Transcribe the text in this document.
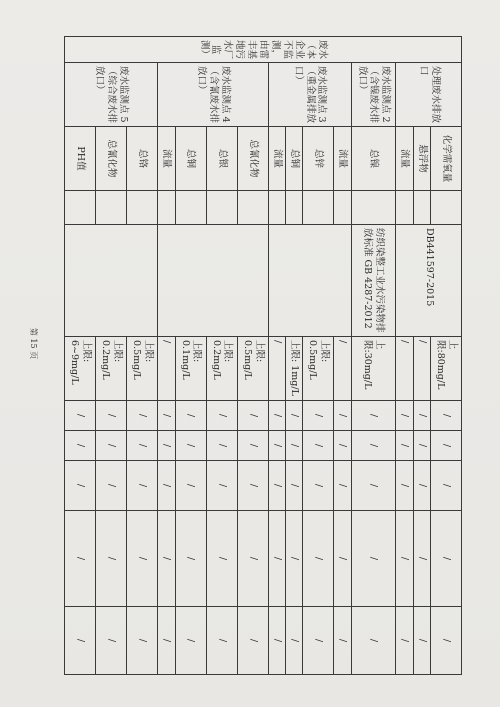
废水（本企业不监测，由雷丰基地污水厂监测）	处理废水排放口	化学需氧量		DB441597-2015	上限:80mg/L	/	/	/	/	/
		悬浮物			/	/	/	/	/	/
		流量			/	/	/	/	/	/
	废水监测点 2（含镍废水排放口）	总镍		纺织染整工业水污染物排放标准 GB 4287-2012	上限:30mg/L	/	/	/	/	/
	废水监测点 3（重金属排放口）	流量			/	/	/	/	/	/
		总锌			上限: 0.5mg/L	/	/	/	/	/
		总铜			上限: 1mg/L	/	/	/	/	/
		流量			/	/	/	/	/	/
	废水监测点 4（含氰废水排放口）	总氰化物			上限: 0.5mg/L	/	/	/	/	/
		总银			上限: 0.2mg/L	/	/	/	/	/
		总铜			上限: 0.1mg/L	/	/	/	/	/
		流量			/	/	/	/	/	/
	废水监测点 5（综合废水排放口）	总铬			上限: 0.5mg/L	/	/	/	/	/
		总氰化物			上限: 0.2mg/L	/	/	/	/	/
		PH值			上限: 6~9mg/L	/	/	/	/	/
第 15 页
